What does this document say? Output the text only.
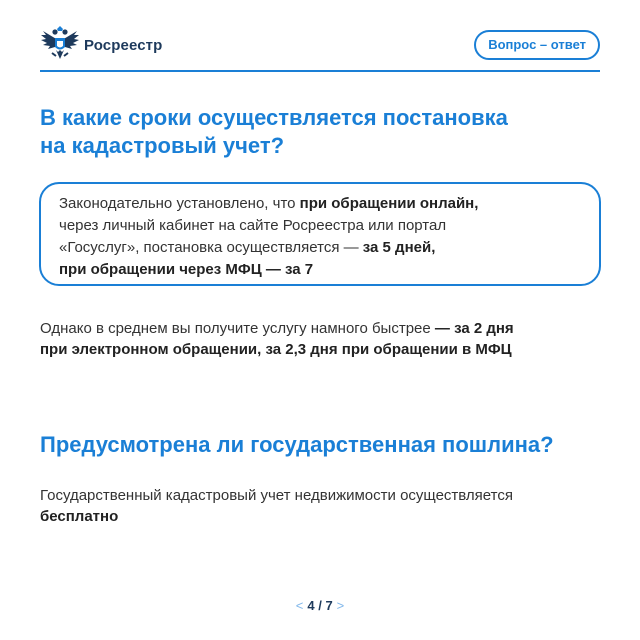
Росреестр	Вопрос – ответ
В какие сроки осуществляется постановка
на кадастровый учет?
Законодательно установлено, что при обращении онлайн,
через личный кабинет на сайте Росреестра или портал
«Госуслуг», постановка осуществляется — за 5 дней,
при обращении через МФЦ — за 7

Однако в среднем вы получите услугу намного быстрее — за 2 дня
при электронном обращении, за 2,3 дня при обращении в МФЦ

Предусмотрена ли государственная пошлина?

Государственный кадастровый учет недвижимости осуществляется
бесплатно

< 4 / 7 >
